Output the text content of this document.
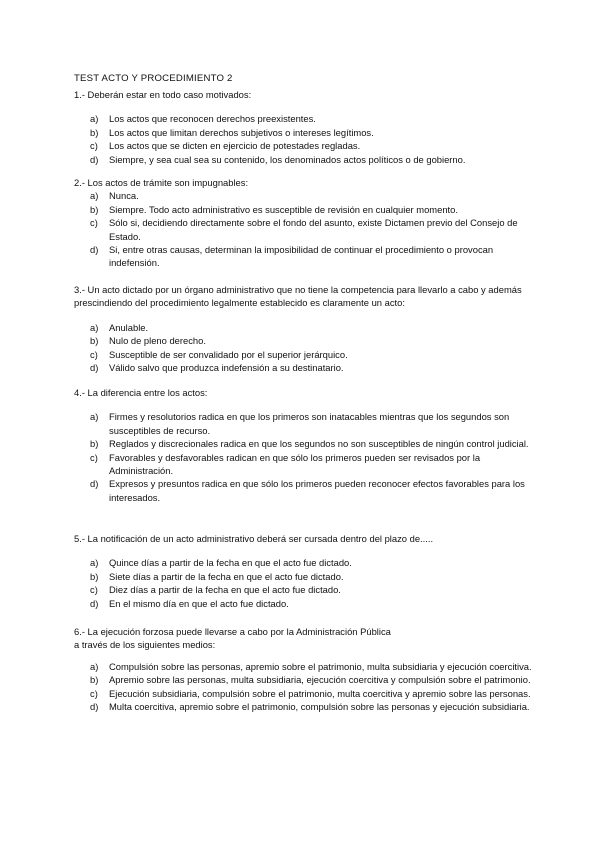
TEST ACTO Y PROCEDIMIENTO 2

1.- Deberán estar en todo caso motivados:

a) Los actos que reconocen derechos preexistentes.
b) Los actos que limitan derechos subjetivos o intereses legítimos.
c) Los actos que se dicten en ejercicio de potestades regladas.
d) Siempre, y sea cual sea su contenido, los denominados actos políticos o de gobierno.

2.- Los actos de trámite son impugnables:

a) Nunca.
b) Siempre. Todo acto administrativo es susceptible de revisión en cualquier momento.
c) Sólo si, decidiendo directamente sobre el fondo del asunto, existe Dictamen previo del Consejo de Estado.
d) Si, entre otras causas, determinan la imposibilidad de continuar el procedimiento o provocan indefensión.

3.- Un acto dictado por un órgano administrativo que no tiene la competencia para llevarlo a cabo y además prescindiendo del procedimiento legalmente establecido es claramente un acto:

a) Anulable.
b) Nulo de pleno derecho.
c) Susceptible de ser convalidado por el superior jerárquico.
d) Válido salvo que produzca indefensión a su destinatario.

4.- La diferencia entre los actos:

a) Firmes y resolutorios radica en que los primeros son inatacables mientras que los segundos son susceptibles de recurso.
b) Reglados y discrecionales radica en que los segundos no son susceptibles de ningún control judicial.
c) Favorables y desfavorables radican en que sólo los primeros pueden ser revisados por la Administración.
d) Expresos y presuntos radica en que sólo los primeros pueden reconocer efectos favorables para los interesados.

5.- La notificación de un acto administrativo deberá ser cursada dentro del plazo de.....

a) Quince días a partir de la fecha en que el acto fue dictado.
b) Siete días a partir de la fecha en que el acto fue dictado.
c) Diez días a partir de la fecha en que el acto fue dictado.
d) En el mismo día en que el acto fue dictado.

6.- La ejecución forzosa puede llevarse a cabo por la Administración Pública a través de los siguientes medios:

a) Compulsión sobre las personas, apremio sobre el patrimonio, multa subsidiaria y ejecución coercitiva.
b) Apremio sobre las personas, multa subsidiaria, ejecución coercitiva y compulsión sobre el patrimonio.
c) Ejecución subsidiaria, compulsión sobre el patrimonio, multa coercitiva y apremio sobre las personas.
d) Multa coercitiva, apremio sobre el patrimonio, compulsión sobre las personas y ejecución subsidiaria.
